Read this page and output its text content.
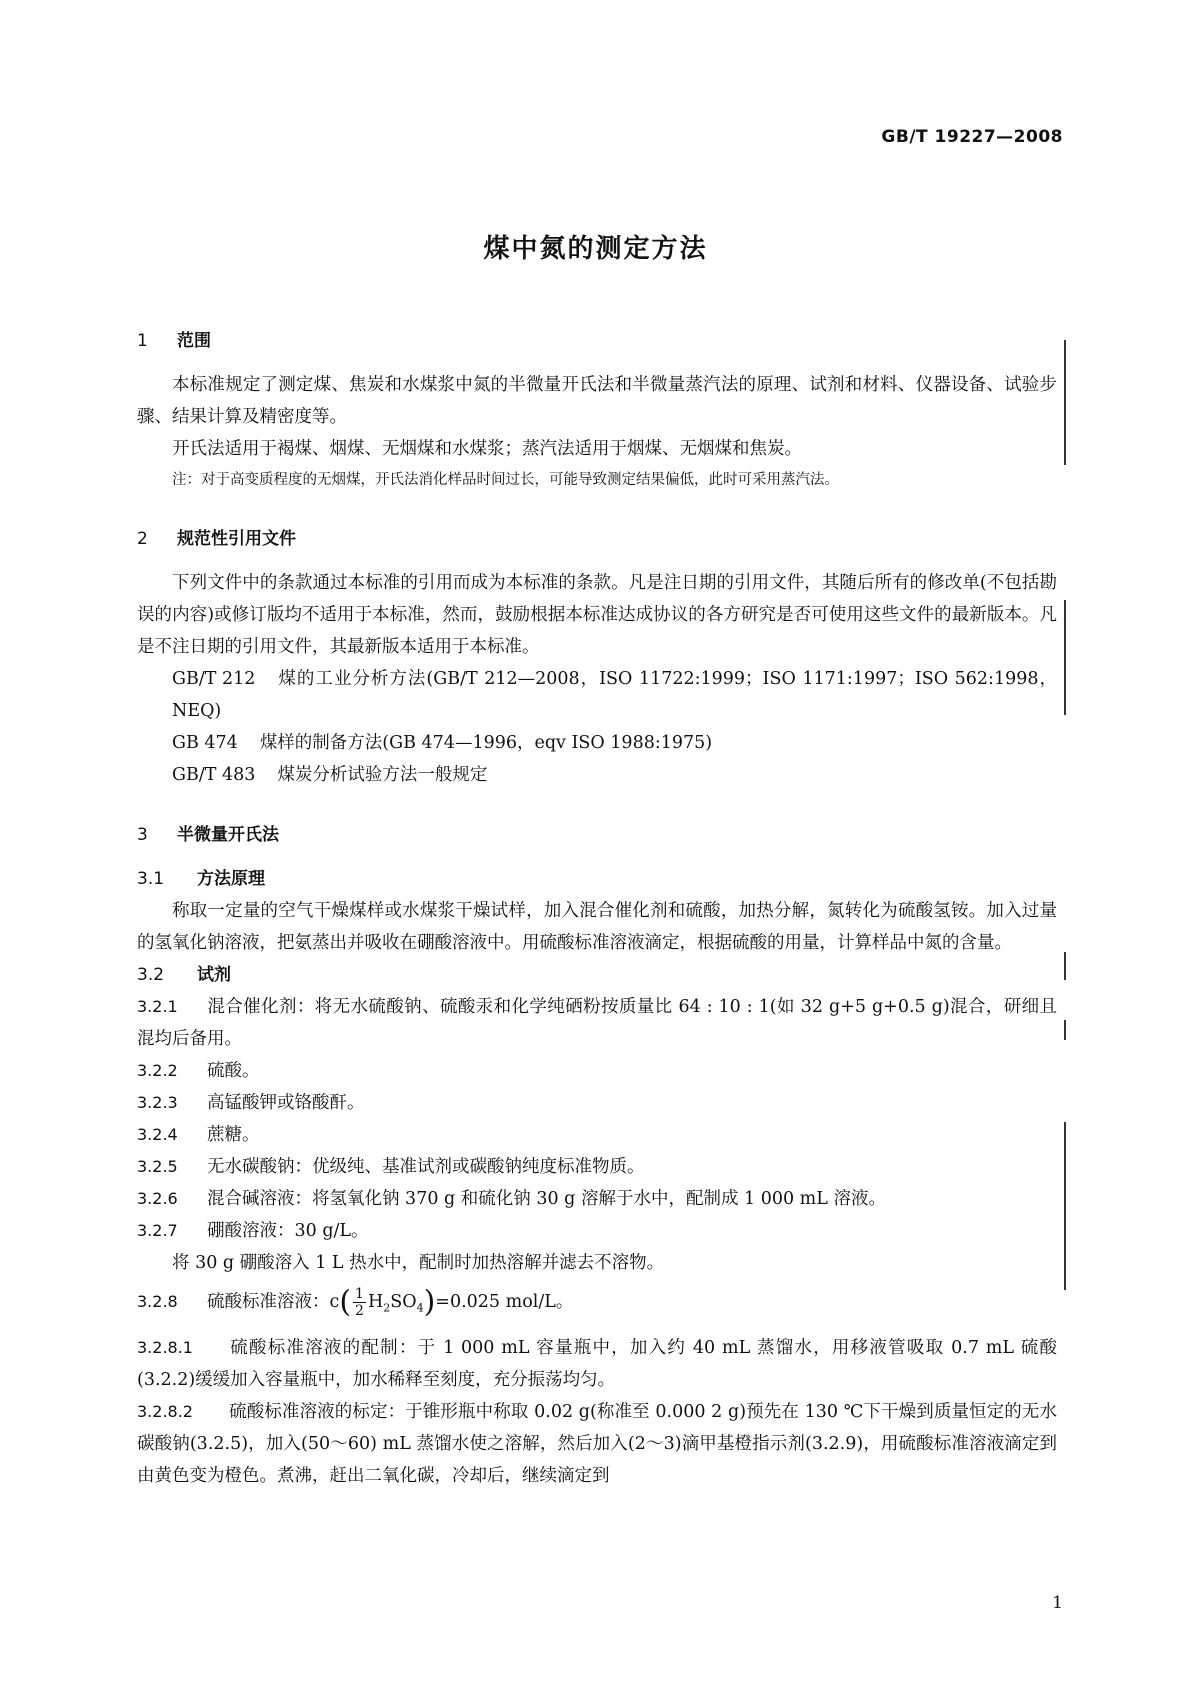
GB/T 19227—2008
煤中氮的测定方法
1 范围

本标准规定了测定煤、焦炭和水煤浆中氮的半微量开氏法和半微量蒸汽法的原理、试剂和材料、仪器设备、试验步骤、结果计算及精密度等。

开氏法适用于褐煤、烟煤、无烟煤和水煤浆；蒸汽法适用于烟煤、无烟煤和焦炭。

注：对于高变质程度的无烟煤，开氏法消化样品时间过长，可能导致测定结果偏低，此时可采用蒸汽法。

2 规范性引用文件

下列文件中的条款通过本标准的引用而成为本标准的条款。凡是注日期的引用文件，其随后所有的修改单(不包括勘误的内容)或修订版均不适用于本标准，然而，鼓励根据本标准达成协议的各方研究是否可使用这些文件的最新版本。凡是不注日期的引用文件，其最新版本适用于本标准。

GB/T 212 煤的工业分析方法(GB/T 212—2008，ISO 11722:1999；ISO 1171:1997；ISO 562:1998，NEQ)

GB 474 煤样的制备方法(GB 474—1996，eqv ISO 1988:1975)

GB/T 483 煤炭分析试验方法一般规定

3 半微量开氏法
3.1 方法原理

称取一定量的空气干燥煤样或水煤浆干燥试样，加入混合催化剂和硫酸，加热分解，氮转化为硫酸氢铵。加入过量的氢氧化钠溶液，把氨蒸出并吸收在硼酸溶液中。用硫酸标准溶液滴定，根据硫酸的用量，计算样品中氮的含量。

3.2 试剂

3.2.1 混合催化剂：将无水硫酸钠、硫酸汞和化学纯硒粉按质量比 64 : 10 : 1(如 32 g+5 g+0.5 g)混合，研细且混均后备用。

3.2.2 硫酸。

3.2.3 高锰酸钾或铬酸酐。

3.2.4 蔗糖。

3.2.5 无水碳酸钠：优级纯、基准试剂或碳酸钠纯度标准物质。

3.2.6 混合碱溶液：将氢氧化钠 370 g 和硫化钠 30 g 溶解于水中，配制成 1 000 mL 溶液。

3.2.7 硼酸溶液：30 g/L。

将 30 g 硼酸溶入 1 L 热水中，配制时加热溶解并滤去不溶物。

3.2.8 硫酸标准溶液：$c( \frac{1}{2} H_2SO_4)=0.025$ mol/L。

3.2.8.1 硫酸标准溶液的配制：于 1 000 mL 容量瓶中，加入约 40 mL 蒸馏水，用移液管吸取 0.7 mL 硫酸(3.2.2)缓缓加入容量瓶中，加水稀释至刻度，充分振荡均匀。

3.2.8.2 硫酸标准溶液的标定：于锥形瓶中称取 0.02 g(称准至 0.000 2 g)预先在 130 ℃下干燥到质量恒定的无水碳酸钠(3.2.5)，加入(50～60) mL 蒸馏水使之溶解，然后加入(2～3)滴甲基橙指示剂(3.2.9)，用硫酸标准溶液滴定到由黄色变为橙色。煮沸，赶出二氧化碳，冷却后，继续滴定到

1
